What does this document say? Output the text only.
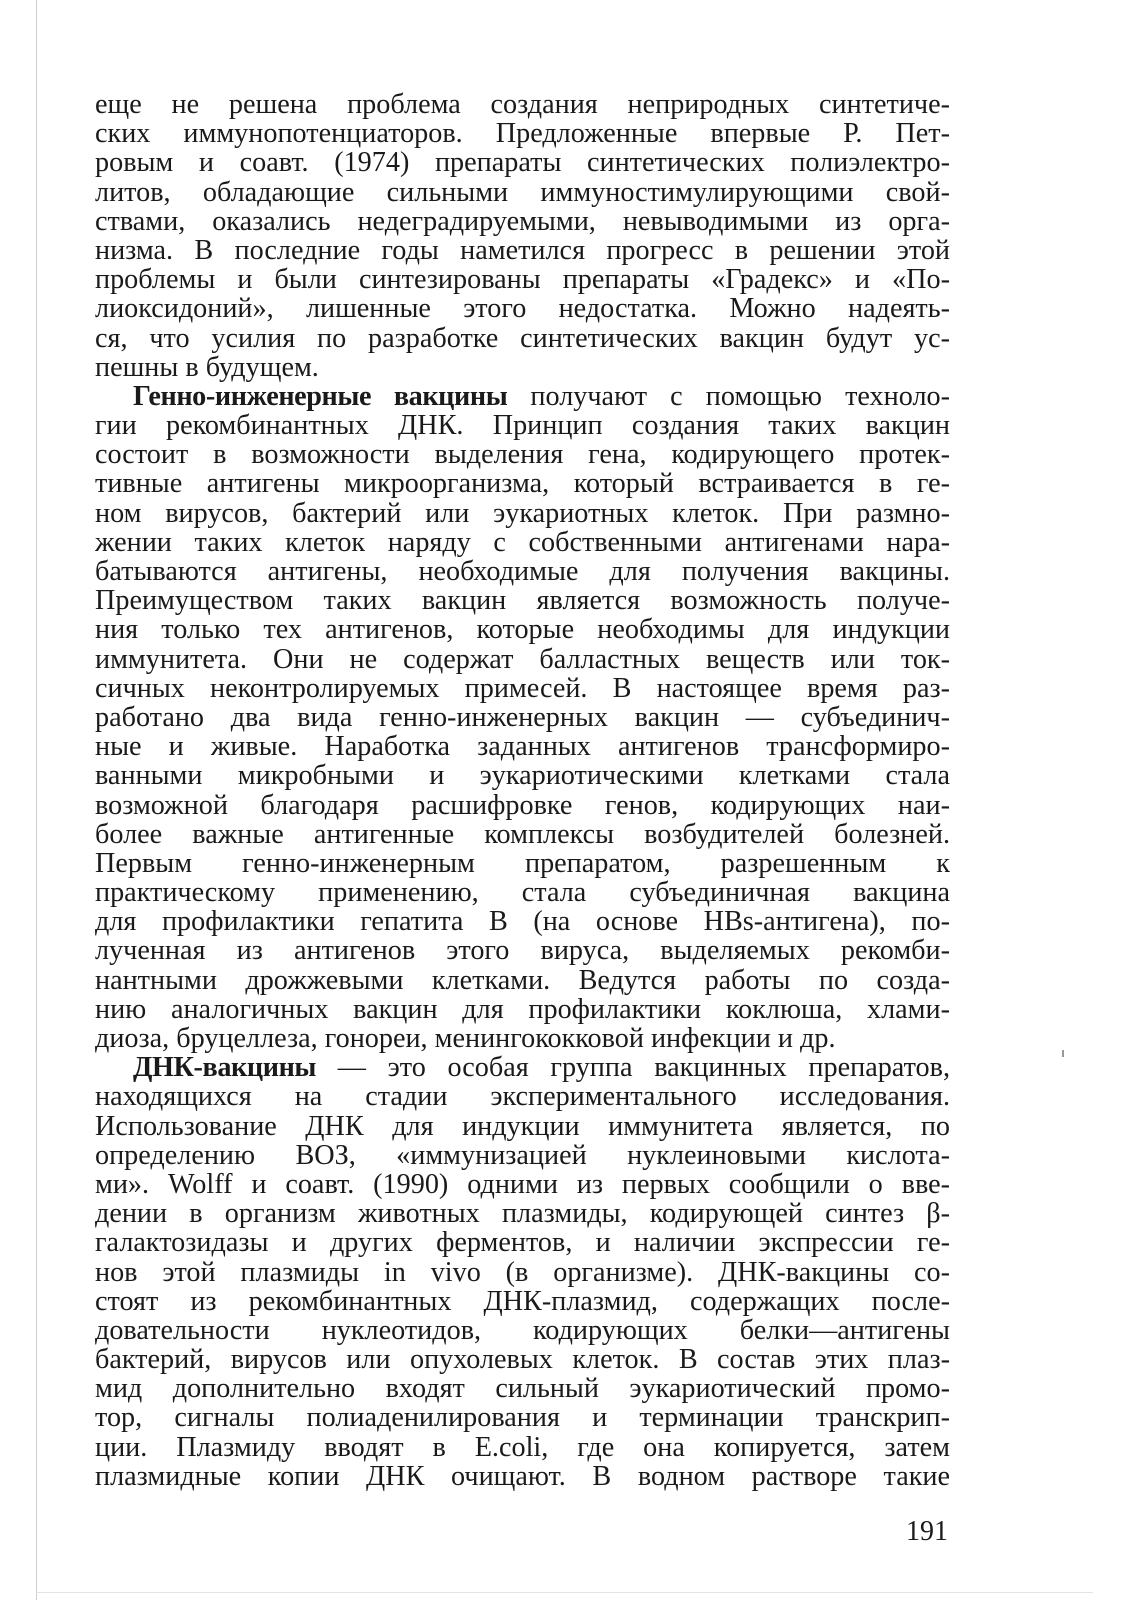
еще не решена проблема создания неприродных синтетиче-
ских иммунопотенциаторов. Предложенные впервые Р. Пет-
ровым и соавт. (1974) препараты синтетических полиэлектро-
литов, обладающие сильными иммуностимулирующими свой-
ствами, оказались недеградируемыми, невыводимыми из орга-
низма. В последние годы наметился прогресс в решении этой
проблемы и были синтезированы препараты «Градекс» и «По-
лиоксидоний», лишенные этого недостатка. Можно надеять-
ся, что усилия по разработке синтетических вакцин будут ус-
пешны в будущем.
Генно-инженерные вакцины получают с помощью техноло-
гии рекомбинантных ДНК. Принцип создания таких вакцин
состоит в возможности выделения гена, кодирующего протек-
тивные антигены микроорганизма, который встраивается в ге-
ном вирусов, бактерий или эукариотных клеток. При размно-
жении таких клеток наряду с собственными антигенами нара-
батываются антигены, необходимые для получения вакцины.
Преимуществом таких вакцин является возможность получе-
ния только тех антигенов, которые необходимы для индукции
иммунитета. Они не содержат балластных веществ или ток-
сичных неконтролируемых примесей. В настоящее время раз-
работано два вида генно-инженерных вакцин — субъединич-
ные и живые. Наработка заданных антигенов трансформиро-
ванными микробными и эукариотическими клетками стала
возможной благодаря расшифровке генов, кодирующих наи-
более важные антигенные комплексы возбудителей болезней.
Первым генно-инженерным препаратом, разрешенным к
практическому применению, стала субъединичная вакцина
для профилактики гепатита В (на основе HBs-антигена), по-
лученная из антигенов этого вируса, выделяемых рекомби-
нантными дрожжевыми клетками. Ведутся работы по созда-
нию аналогичных вакцин для профилактики коклюша, хлами-
диоза, бруцеллеза, гонореи, менингококковой инфекции и др.
ДНК-вакцины — это особая группа вакцинных препаратов,
находящихся на стадии экспериментального исследования.
Использование ДНК для индукции иммунитета является, по
определению ВОЗ, «иммунизацией нуклеиновыми кислота-
ми». Wolff и соавт. (1990) одними из первых сообщили о вве-
дении в организм животных плазмиды, кодирующей синтез β-
галактозидазы и других ферментов, и наличии экспрессии ге-
нов этой плазмиды in vivo (в организме). ДНК-вакцины со-
стоят из рекомбинантных ДНК-плазмид, содержащих после-
довательности нуклеотидов, кодирующих белки—антигены
бактерий, вирусов или опухолевых клеток. В состав этих плаз-
мид дополнительно входят сильный эукариотический промо-
тор, сигналы полиаденилирования и терминации транскрип-
ции. Плазмиду вводят в E.coli, где она копируется, затем
плазмидные копии ДНК очищают. В водном растворе такие
191
